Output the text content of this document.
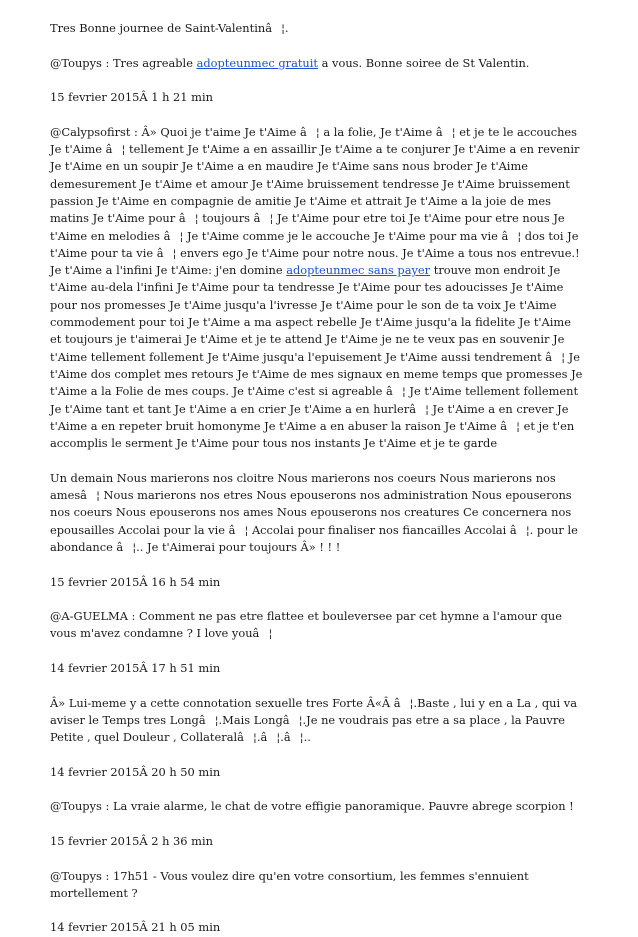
Tres Bonne journee de Saint-Valentinâ¦.

@Toupys : Tres agreable adopteunmec gratuit a vous. Bonne soiree de St Valentin.

15 fevrier 2015Â 1 h 21 min

@Calypsofirst : Â» Quoi je t'aime Je t'Aime â¦ a la folie, Je t'Aime â¦ et je te le accouches Je t'Aime â¦ tellement Je t'Aime a en assaillir Je t'Aime a te conjurer Je t'Aime a en revenir Je t'Aime en un soupir Je t'Aime a en maudire Je t'Aime sans nous broder Je t'Aime demesurement Je t'Aime et amour Je t'Aime bruissement tendresse Je t'Aime bruissement passion Je t'Aime en compagnie de amitie Je t'Aime et attrait Je t'Aime a la joie de mes matins Je t'Aime pour â¦ toujours â¦ Je t'Aime pour etre toi Je t'Aime pour etre nous Je t'Aime en melodies â¦ Je t'Aime comme je le accouche Je t'Aime pour ma vie â¦ dos toi Je t'Aime pour ta vie â¦ envers ego Je t'Aime pour notre nous. Je t'Aime a tous nos entrevue.! Je t'Aime a l'infini Je t'Aime: j'en domine adopteunmec sans payer trouve mon endroit Je t'Aime au-dela l'infini Je t'Aime pour ta tendresse Je t'Aime pour tes adoucisses Je t'Aime pour nos promesses Je t'Aime jusqu'a l'ivresse Je t'Aime pour le son de ta voix Je t'Aime commodement pour toi Je t'Aime a ma aspect rebelle Je t'Aime jusqu'a la fidelite Je t'Aime et toujours je t'aimerai Je t'Aime et je te attend Je t'Aime je ne te veux pas en souvenir Je t'Aime tellement follement Je t'Aime jusqu'a l'epuisement Je t'Aime aussi tendrement â¦ Je t'Aime dos complet mes retours Je t'Aime de mes signaux en meme temps que promesses Je t'Aime a la Folie de mes coups. Je t'Aime c'est si agreable â¦ Je t'Aime tellement follement Je t'Aime tant et tant Je t'Aime a en crier Je t'Aime a en hurlerâ¦ Je t'Aime a en crever Je t'Aime a en repeter bruit homonyme Je t'Aime a en abuser la raison Je t'Aime â¦ et je t'en accomplis le serment Je t'Aime pour tous nos instants Je t'Aime et je te garde

Un demain Nous marierons nos cloitre Nous marierons nos coeurs Nous marierons nos amesâ¦ Nous marierons nos etres Nous epouserons nos administration Nous epouserons nos coeurs Nous epouserons nos ames Nous epouserons nos creatures Ce concernera nos epousailles Accolai pour la vie â¦ Accolai pour finaliser nos fiancailles Accolai â¦. pour le abondance â¦.. Je t'Aimerai pour toujours Â» ! ! !

15 fevrier 2015Â 16 h 54 min

@A-GUELMA : Comment ne pas etre flattee et bouleversee par cet hymne a l'amour que vous m'avez condamne ? I love youâ¦

14 fevrier 2015Â 17 h 51 min

Â» Lui-meme y a cette connotation sexuelle tres Forte Â«Â â¦.Baste , lui y en a La , qui va aviser le Temps tres Longâ¦.Mais Longâ¦.Je ne voudrais pas etre a sa place , la Pauvre Petite , quel Douleur , Collateralâ¦.â¦.â¦..

14 fevrier 2015Â 20 h 50 min

@Toupys : La vraie alarme, le chat de votre effigie panoramique. Pauvre abrege scorpion !

15 fevrier 2015Â 2 h 36 min

@Toupys : 17h51 - Vous voulez dire qu'en votre consortium, les femmes s'ennuient mortellement ?

14 fevrier 2015Â 21 h 05 min
